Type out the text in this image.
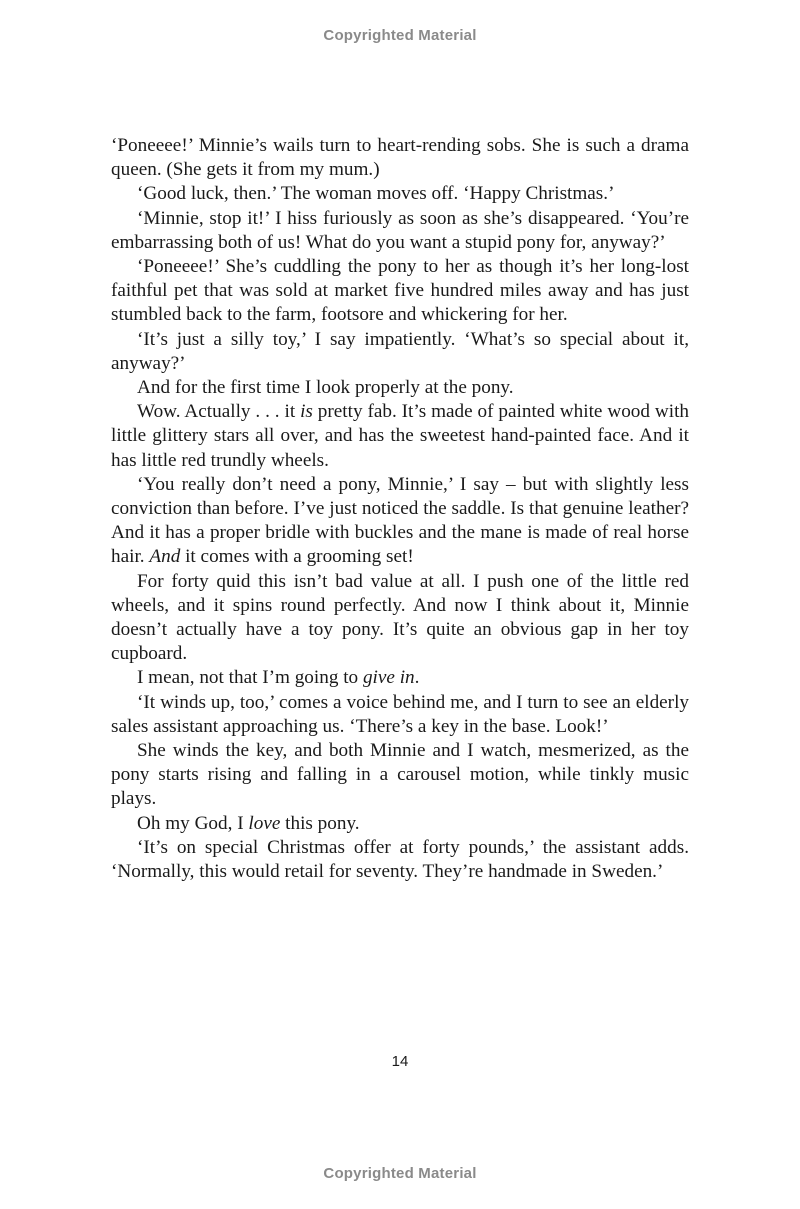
Copyrighted Material

‘Poneeee!’ Minnie’s wails turn to heart-rending sobs. She is such a drama queen. (She gets it from my mum.)

‘Good luck, then.’ The woman moves off. ‘Happy Christmas.’

‘Minnie, stop it!’ I hiss furiously as soon as she’s disappeared. ‘You’re embarrassing both of us! What do you want a stupid pony for, anyway?’

‘Poneeee!’ She’s cuddling the pony to her as though it’s her long-lost faithful pet that was sold at market five hundred miles away and has just stumbled back to the farm, footsore and whickering for her.

‘It’s just a silly toy,’ I say impatiently. ‘What’s so special about it, anyway?’

And for the first time I look properly at the pony.

Wow. Actually . . . it is pretty fab. It’s made of painted white wood with little glittery stars all over, and has the sweetest hand-painted face. And it has little red trundly wheels.

‘You really don’t need a pony, Minnie,’ I say – but with slightly less conviction than before. I’ve just noticed the saddle. Is that genuine leather? And it has a proper bridle with buckles and the mane is made of real horse hair. And it comes with a grooming set!

For forty quid this isn’t bad value at all. I push one of the little red wheels, and it spins round perfectly. And now I think about it, Minnie doesn’t actually have a toy pony. It’s quite an obvious gap in her toy cupboard.

I mean, not that I’m going to give in.

‘It winds up, too,’ comes a voice behind me, and I turn to see an elderly sales assistant approaching us. ‘There’s a key in the base. Look!’

She winds the key, and both Minnie and I watch, mesmerized, as the pony starts rising and falling in a carousel motion, while tinkly music plays.

Oh my God, I love this pony.

‘It’s on special Christmas offer at forty pounds,’ the assistant adds. ‘Normally, this would retail for seventy. They’re handmade in Sweden.’

14
Copyrighted Material
